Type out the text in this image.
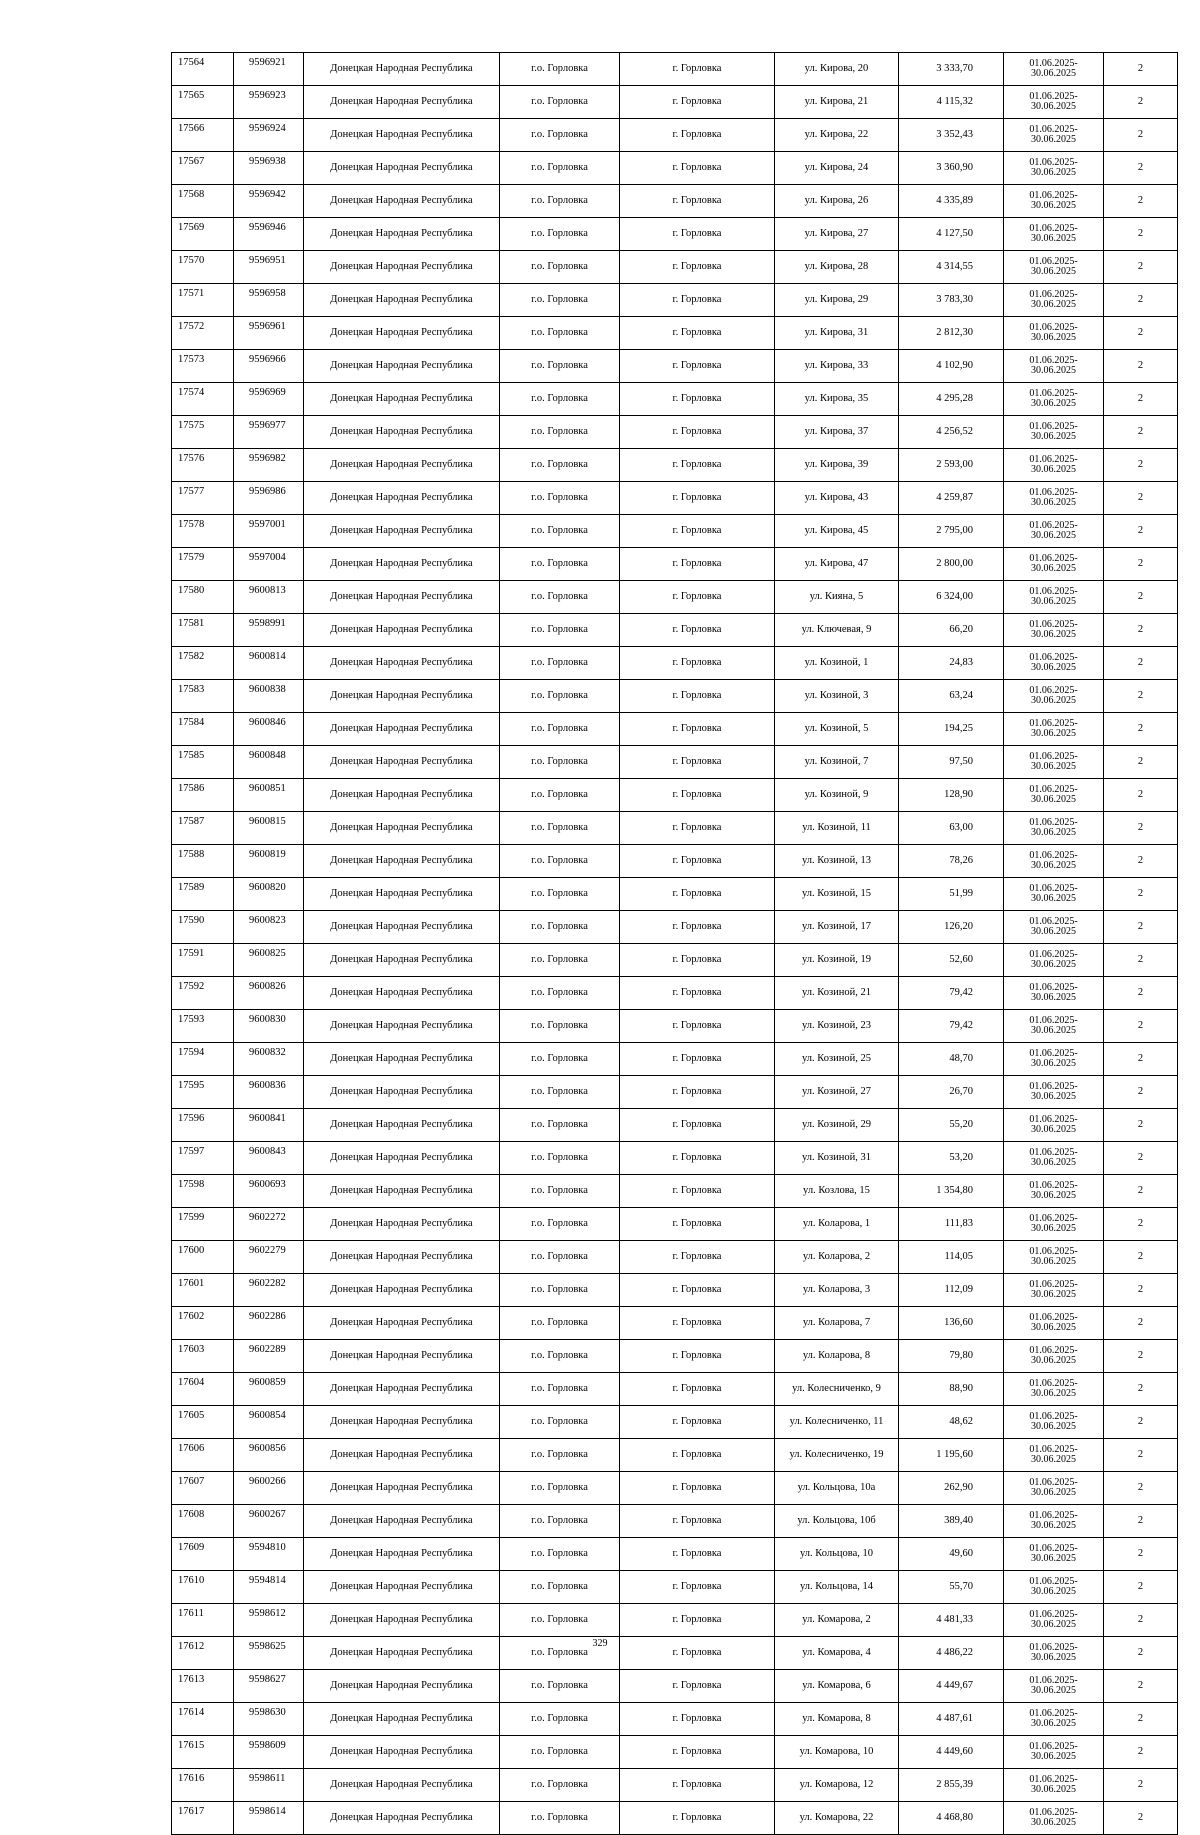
17564	9596921	Донецкая Народная Республика	г.о. Горловка	г. Горловка	ул. Кирова, 20	3 333,70	01.06.2025-
30.06.2025	2
17565	9596923	Донецкая Народная Республика	г.о. Горловка	г. Горловка	ул. Кирова, 21	4 115,32	01.06.2025-
30.06.2025	2
17566	9596924	Донецкая Народная Республика	г.о. Горловка	г. Горловка	ул. Кирова, 22	3 352,43	01.06.2025-
30.06.2025	2
17567	9596938	Донецкая Народная Республика	г.о. Горловка	г. Горловка	ул. Кирова, 24	3 360,90	01.06.2025-
30.06.2025	2
17568	9596942	Донецкая Народная Республика	г.о. Горловка	г. Горловка	ул. Кирова, 26	4 335,89	01.06.2025-
30.06.2025	2
17569	9596946	Донецкая Народная Республика	г.о. Горловка	г. Горловка	ул. Кирова, 27	4 127,50	01.06.2025-
30.06.2025	2
17570	9596951	Донецкая Народная Республика	г.о. Горловка	г. Горловка	ул. Кирова, 28	4 314,55	01.06.2025-
30.06.2025	2
17571	9596958	Донецкая Народная Республика	г.о. Горловка	г. Горловка	ул. Кирова, 29	3 783,30	01.06.2025-
30.06.2025	2
17572	9596961	Донецкая Народная Республика	г.о. Горловка	г. Горловка	ул. Кирова, 31	2 812,30	01.06.2025-
30.06.2025	2
17573	9596966	Донецкая Народная Республика	г.о. Горловка	г. Горловка	ул. Кирова, 33	4 102,90	01.06.2025-
30.06.2025	2
17574	9596969	Донецкая Народная Республика	г.о. Горловка	г. Горловка	ул. Кирова, 35	4 295,28	01.06.2025-
30.06.2025	2
17575	9596977	Донецкая Народная Республика	г.о. Горловка	г. Горловка	ул. Кирова, 37	4 256,52	01.06.2025-
30.06.2025	2
17576	9596982	Донецкая Народная Республика	г.о. Горловка	г. Горловка	ул. Кирова, 39	2 593,00	01.06.2025-
30.06.2025	2
17577	9596986	Донецкая Народная Республика	г.о. Горловка	г. Горловка	ул. Кирова, 43	4 259,87	01.06.2025-
30.06.2025	2
17578	9597001	Донецкая Народная Республика	г.о. Горловка	г. Горловка	ул. Кирова, 45	2 795,00	01.06.2025-
30.06.2025	2
17579	9597004	Донецкая Народная Республика	г.о. Горловка	г. Горловка	ул. Кирова, 47	2 800,00	01.06.2025-
30.06.2025	2
17580	9600813	Донецкая Народная Республика	г.о. Горловка	г. Горловка	ул. Кияна, 5	6 324,00	01.06.2025-
30.06.2025	2
17581	9598991	Донецкая Народная Республика	г.о. Горловка	г. Горловка	ул. Ключевая, 9	66,20	01.06.2025-
30.06.2025	2
17582	9600814	Донецкая Народная Республика	г.о. Горловка	г. Горловка	ул. Козиной, 1	24,83	01.06.2025-
30.06.2025	2
17583	9600838	Донецкая Народная Республика	г.о. Горловка	г. Горловка	ул. Козиной, 3	63,24	01.06.2025-
30.06.2025	2
17584	9600846	Донецкая Народная Республика	г.о. Горловка	г. Горловка	ул. Козиной, 5	194,25	01.06.2025-
30.06.2025	2
17585	9600848	Донецкая Народная Республика	г.о. Горловка	г. Горловка	ул. Козиной, 7	97,50	01.06.2025-
30.06.2025	2
17586	9600851	Донецкая Народная Республика	г.о. Горловка	г. Горловка	ул. Козиной, 9	128,90	01.06.2025-
30.06.2025	2
17587	9600815	Донецкая Народная Республика	г.о. Горловка	г. Горловка	ул. Козиной, 11	63,00	01.06.2025-
30.06.2025	2
17588	9600819	Донецкая Народная Республика	г.о. Горловка	г. Горловка	ул. Козиной, 13	78,26	01.06.2025-
30.06.2025	2
17589	9600820	Донецкая Народная Республика	г.о. Горловка	г. Горловка	ул. Козиной, 15	51,99	01.06.2025-
30.06.2025	2
17590	9600823	Донецкая Народная Республика	г.о. Горловка	г. Горловка	ул. Козиной, 17	126,20	01.06.2025-
30.06.2025	2
17591	9600825	Донецкая Народная Республика	г.о. Горловка	г. Горловка	ул. Козиной, 19	52,60	01.06.2025-
30.06.2025	2
17592	9600826	Донецкая Народная Республика	г.о. Горловка	г. Горловка	ул. Козиной, 21	79,42	01.06.2025-
30.06.2025	2
17593	9600830	Донецкая Народная Республика	г.о. Горловка	г. Горловка	ул. Козиной, 23	79,42	01.06.2025-
30.06.2025	2
17594	9600832	Донецкая Народная Республика	г.о. Горловка	г. Горловка	ул. Козиной, 25	48,70	01.06.2025-
30.06.2025	2
17595	9600836	Донецкая Народная Республика	г.о. Горловка	г. Горловка	ул. Козиной, 27	26,70	01.06.2025-
30.06.2025	2
17596	9600841	Донецкая Народная Республика	г.о. Горловка	г. Горловка	ул. Козиной, 29	55,20	01.06.2025-
30.06.2025	2
17597	9600843	Донецкая Народная Республика	г.о. Горловка	г. Горловка	ул. Козиной, 31	53,20	01.06.2025-
30.06.2025	2
17598	9600693	Донецкая Народная Республика	г.о. Горловка	г. Горловка	ул. Козлова, 15	1 354,80	01.06.2025-
30.06.2025	2
17599	9602272	Донецкая Народная Республика	г.о. Горловка	г. Горловка	ул. Коларова, 1	111,83	01.06.2025-
30.06.2025	2
17600	9602279	Донецкая Народная Республика	г.о. Горловка	г. Горловка	ул. Коларова, 2	114,05	01.06.2025-
30.06.2025	2
17601	9602282	Донецкая Народная Республика	г.о. Горловка	г. Горловка	ул. Коларова, 3	112,09	01.06.2025-
30.06.2025	2
17602	9602286	Донецкая Народная Республика	г.о. Горловка	г. Горловка	ул. Коларова, 7	136,60	01.06.2025-
30.06.2025	2
17603	9602289	Донецкая Народная Республика	г.о. Горловка	г. Горловка	ул. Коларова, 8	79,80	01.06.2025-
30.06.2025	2
17604	9600859	Донецкая Народная Республика	г.о. Горловка	г. Горловка	ул. Колесниченко, 9	88,90	01.06.2025-
30.06.2025	2
17605	9600854	Донецкая Народная Республика	г.о. Горловка	г. Горловка	ул. Колесниченко, 11	48,62	01.06.2025-
30.06.2025	2
17606	9600856	Донецкая Народная Республика	г.о. Горловка	г. Горловка	ул. Колесниченко, 19	1 195,60	01.06.2025-
30.06.2025	2
17607	9600266	Донецкая Народная Республика	г.о. Горловка	г. Горловка	ул. Кольцова, 10а	262,90	01.06.2025-
30.06.2025	2
17608	9600267	Донецкая Народная Республика	г.о. Горловка	г. Горловка	ул. Кольцова, 10б	389,40	01.06.2025-
30.06.2025	2
17609	9594810	Донецкая Народная Республика	г.о. Горловка	г. Горловка	ул. Кольцова, 10	49,60	01.06.2025-
30.06.2025	2
17610	9594814	Донецкая Народная Республика	г.о. Горловка	г. Горловка	ул. Кольцова, 14	55,70	01.06.2025-
30.06.2025	2
17611	9598612	Донецкая Народная Республика	г.о. Горловка	г. Горловка	ул. Комарова, 2	4 481,33	01.06.2025-
30.06.2025	2
17612	9598625	Донецкая Народная Республика	г.о. Горловка	г. Горловка	ул. Комарова, 4	4 486,22	01.06.2025-
30.06.2025	2
17613	9598627	Донецкая Народная Республика	г.о. Горловка	г. Горловка	ул. Комарова, 6	4 449,67	01.06.2025-
30.06.2025	2
17614	9598630	Донецкая Народная Республика	г.о. Горловка	г. Горловка	ул. Комарова, 8	4 487,61	01.06.2025-
30.06.2025	2
17615	9598609	Донецкая Народная Республика	г.о. Горловка	г. Горловка	ул. Комарова, 10	4 449,60	01.06.2025-
30.06.2025	2
17616	9598611	Донецкая Народная Республика	г.о. Горловка	г. Горловка	ул. Комарова, 12	2 855,39	01.06.2025-
30.06.2025	2
17617	9598614	Донецкая Народная Республика	г.о. Горловка	г. Горловка	ул. Комарова, 22	4 468,80	01.06.2025-
30.06.2025	2
329
